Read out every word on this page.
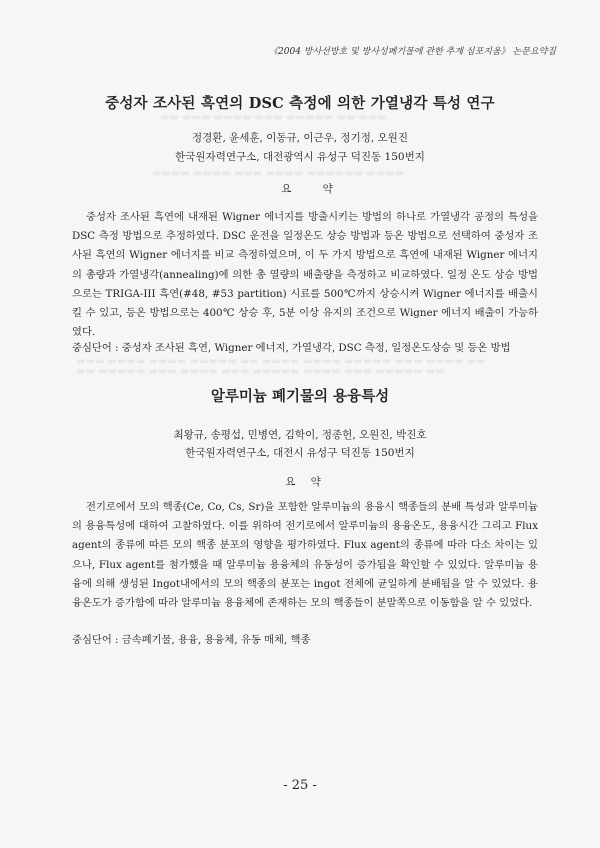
▬▬ ▬▬▬ ▬▬▬▬ ▬▬▬ ▬▬▬▬▬ ▬▬ ▬▬▬
▬▬▬▬ ▬▬▬▬ ▬▬▬ ▬▬▬▬ ▬▬▬▬▬▬ ▬▬▬▬
▬▬▬ ▬▬▬▬ ▬▬▬▬ ▬▬▬▬▬ ▬▬ ▬▬▬▬ ▬▬▬▬ ▬▬▬▬▬ ▬▬▬ ▬▬▬▬ ▬▬
▬▬ ▬▬▬▬▬ ▬▬▬ ▬▬▬▬ ▬▬▬ ▬▬▬▬▬ ▬▬▬▬ ▬▬▬ ▬▬▬▬▬ ▬▬
《2004 방사선방호 및 방사성폐기물에 관한 추계 심포지움》 논문요약집
중성자 조사된 흑연의 DSC 측정에 의한 가열냉각 특성 연구
정경환, 윤세훈, 이동규, 이근우, 정기정, 오원진
한국원자력연구소, 대전광역시 유성구 덕진동 150번지
요 약
중성자 조사된 흑연에 내재된 Wigner 에너지를 방출시키는 방법의 하나로 가열냉각 공정의 특성을 DSC 측정 방법으로 추정하였다. DSC 운전을 일정온도 상승 방법과 등온 방법으로 선택하여 중성자 조사된 흑연의 Wigner 에너지를 비교 측정하였으며, 이 두 가지 방법으로 흑연에 내재된 Wigner 에너지의 총량과 가열냉각(annealing)에 의한 총 열량의 배출량을 측정하고 비교하였다. 일정 온도 상승 방법으로는 TRIGA-III 흑연(#48, #53 partition) 시료를 500℃까지 상승시켜 Wigner 에너지를 배출시킬 수 있고, 등온 방법으로는 400℃ 상승 후, 5분 이상 유지의 조건으로 Wigner 에너지 배출이 가능하였다.
중심단어 : 중성자 조사된 흑연, Wigner 에너지, 가열냉각, DSC 측정, 일정온도상승 및 등온 방법
알루미늄 폐기물의 용융특성
최왕규, 송평섭, 민병연, 김학이, 정종헌, 오원진, 박진호
한국원자력연구소, 대전시 유성구 덕진동 150번지
요 약
전기로에서 모의 핵종(Ce, Co, Cs, Sr)을 포함한 알루미늄의 용융시 핵종들의 분배 특성과 알루미늄의 용융특성에 대하여 고찰하였다. 이를 위하여 전기로에서 알루미늄의 용융온도, 용융시간 그리고 Flux agent의 종류에 따른 모의 핵종 분포의 영향을 평가하였다. Flux agent의 종류에 따라 다소 차이는 있으나, Flux agent를 첨가했을 때 알루미늄 용융체의 유동성이 증가됨을 확인할 수 있었다. 알루미늄 용융에 의해 생성된 Ingot내에서의 모의 핵종의 분포는 ingot 전체에 균일하게 분배됨을 알 수 있었다. 용융온도가 증가함에 따라 알루미늄 용융체에 존재하는 모의 핵종들이 분말쪽으로 이동함을 알 수 있었다.
중심단어 : 금속폐기물, 용융, 용융체, 유동 매체, 핵종
- 25 -
